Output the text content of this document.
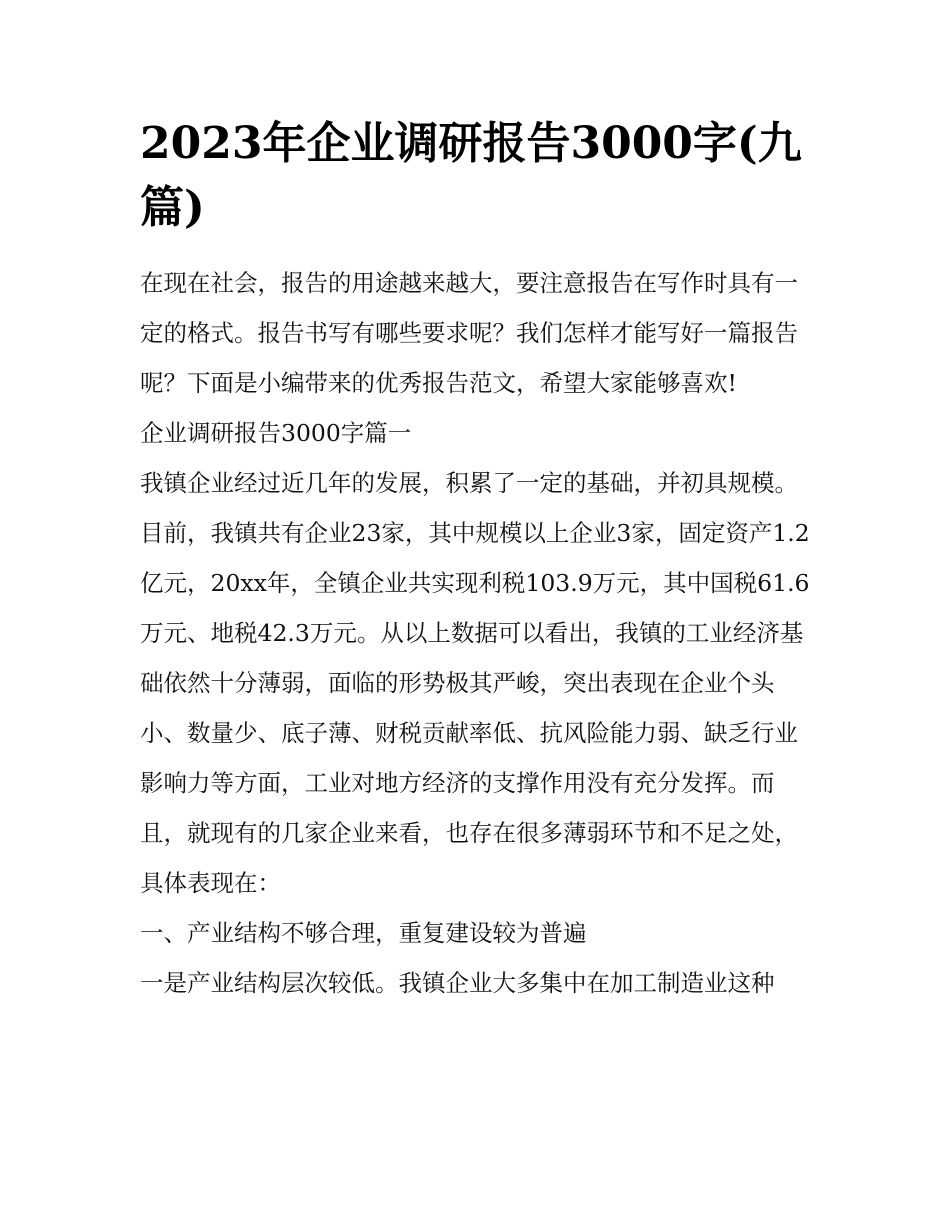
2023年企业调研报告3000字(九篇)

在现在社会，报告的用途越来越大，要注意报告在写作时具有一定的格式。报告书写有哪些要求呢？我们怎样才能写好一篇报告呢？下面是小编带来的优秀报告范文，希望大家能够喜欢!

企业调研报告3000字篇一

我镇企业经过近几年的发展，积累了一定的基础，并初具规模。目前，我镇共有企业23家，其中规模以上企业3家，固定资产1.2亿元，20xx年，全镇企业共实现利税103.9万元，其中国税61.6万元、地税42.3万元。从以上数据可以看出，我镇的工业经济基础依然十分薄弱，面临的形势极其严峻，突出表现在企业个头小、数量少、底子薄、财税贡献率低、抗风险能力弱、缺乏行业影响力等方面，工业对地方经济的支撑作用没有充分发挥。而且，就现有的几家企业来看，也存在很多薄弱环节和不足之处，具体表现在：

一、产业结构不够合理，重复建设较为普遍

一是产业结构层次较低。我镇企业大多集中在加工制造业这种
